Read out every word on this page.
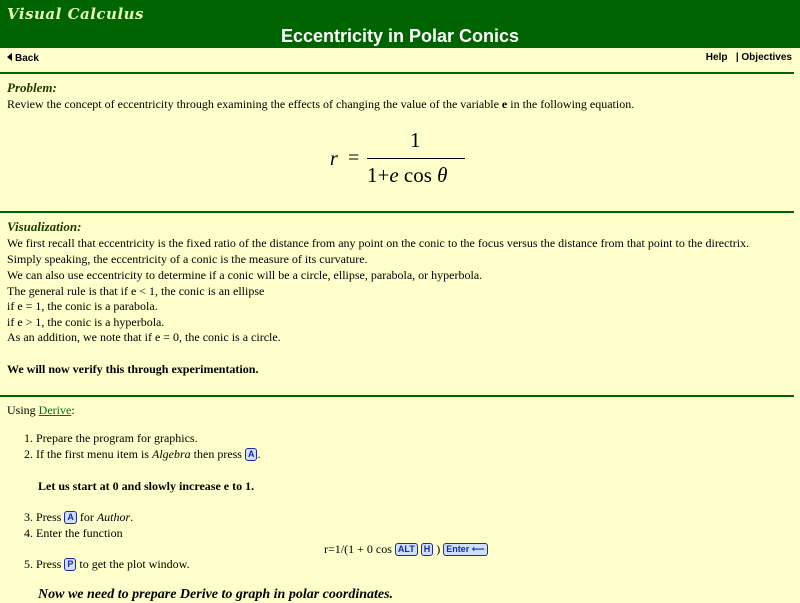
Visual Calculus
Eccentricity in Polar Conics
Back	Help | Objectives
Problem:
Review the concept of eccentricity through examining the effects of changing the value of the variable e in the following equation.
r =
1
1+e cos θ
Visualization:
We first recall that eccentricity is the fixed ratio of the distance from any point on the conic to the focus versus the distance from that point to the directrix.
Simply speaking, the eccentricity of a conic is the measure of its curvature.
We can also use eccentricity to determine if a conic will be a circle, ellipse, parabola, or hyperbola.
The general rule is that if e < 1, the conic is an ellipse
if e = 1, the conic is a parabola.
if e > 1, the conic is a hyperbola.
As an addition, we note that if e = 0, the conic is a circle.
We will now verify this through experimentation.
Using Derive:
1. Prepare the program for graphics.
2. If the first menu item is Algebra then press A .
Let us start at 0 and slowly increase e to 1.
3. Press A for Author.
4. Enter the function
r=1/(1 + 0 cos ALT H ) Enter ⟵
5. Press P to get the plot window.
Now we need to prepare Derive to graph in polar coordinates.
